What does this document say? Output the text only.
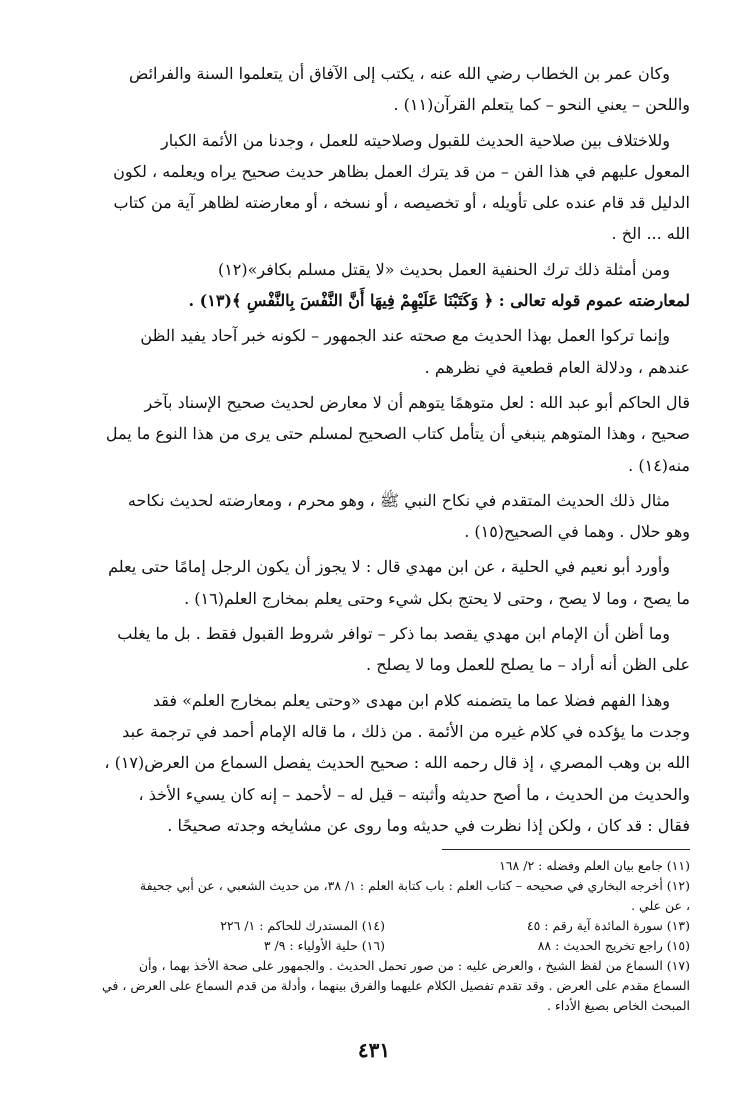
وكان عمر بن الخطاب رضي الله عنه ، يكتب إلى الآفاق أن يتعلموا السنة والفرائض
واللحن – يعني النحو – كما يتعلم القرآن(١١) .

وللاختلاف بين صلاحية الحديث للقبول وصلاحيته للعمل ، وجدنا من الأئمة الكبار
المعول عليهم في هذا الفن – من قد يترك العمل بظاهر حديث صحيح يراه ويعلمه ، لكون
الدليل قد قام عنده على تأويله ، أو تخصيصه ، أو نسخه ، أو معارضته لظاهر آية من كتاب
الله ... الخ .

ومن أمثلة ذلك ترك الحنفية العمل بحديث «لا يقتل مسلم بكافر»(١٢)
لمعارضته عموم قوله تعالى : ﴿ وَكَتَبْنَا عَلَيْهِمْ فِيهَا أَنَّ النَّفْسَ بِالنَّفْسِ ﴾(١٣) .

وإنما تركوا العمل بهذا الحديث مع صحته عند الجمهور – لكونه خبر آحاد يفيد الظن
عندهم ، ودلالة العام قطعية في نظرهم .

قال الحاكم أبو عبد الله : لعل متوهمًا يتوهم أن لا معارض لحديث صحيح الإسناد بآخر
صحيح ، وهذا المتوهم ينبغي أن يتأمل كتاب الصحيح لمسلم حتى يرى من هذا النوع ما يمل
منه(١٤) .

مثال ذلك الحديث المتقدم في نكاح النبي ﷺ ، وهو محرم ، ومعارضته لحديث نكاحه
وهو حلال . وهما في الصحيح(١٥) .

وأورد أبو نعيم في الحلية ، عن ابن مهدي قال : لا يجوز أن يكون الرجل إمامًا حتى يعلم
ما يصح ، وما لا يصح ، وحتى لا يحتج بكل شيء وحتى يعلم بمخارج العلم(١٦) .

وما أظن أن الإمام ابن مهدي يقصد بما ذكر – توافر شروط القبول فقط . بل ما يغلب
على الظن أنه أراد – ما يصلح للعمل وما لا يصلح .

وهذا الفهم فضلا عما ما يتضمنه كلام ابن مهدى «وحتى يعلم بمخارج العلم» فقد
وجدت ما يؤكده في كلام غيره من الأئمة . من ذلك ، ما قاله الإمام أحمد في ترجمة عبد
الله بن وهب المصري ، إذ قال رحمه الله : صحيح الحديث يفصل السماع من العرض(١٧) ،
والحديث من الحديث ، ما أصح حديثه وأثبته – قيل له – لأحمد – إنه كان يسيء الأخذ ،
فقال : قد كان ، ولكن إذا نظرت في حديثه وما روى عن مشايخه وجدته صحيحًا .

(١١) جامع بيان العلم وفضله : ٢/ ١٦٨
(١٢) أخرجه البخاري في صحيحه – كتاب العلم : باب كتابة العلم : ١/ ٣٨، من حديث الشعبي ، عن أبي جحيفة
، عن علي .
(١٣) سورة المائدة آية رقم : ٤٥
(١٤) المستدرك للحاكم : ١/ ٢٢٦
(١٥) راجع تخريج الحديث : ٨٨
(١٦) حلية الأولياء : ٩/ ٣
(١٧) السماع من لفظ الشيخ ، والعرض عليه : من صور تحمل الحديث . والجمهور على صحة الأخذ بهما ، وأن
السماع مقدم على العرض . وقد تقدم تفصيل الكلام عليهما والفرق بينهما ، وأدلة من قدم السماع على العرض ، في
المبحث الخاص بصيغ الأداء .
٤٣١
